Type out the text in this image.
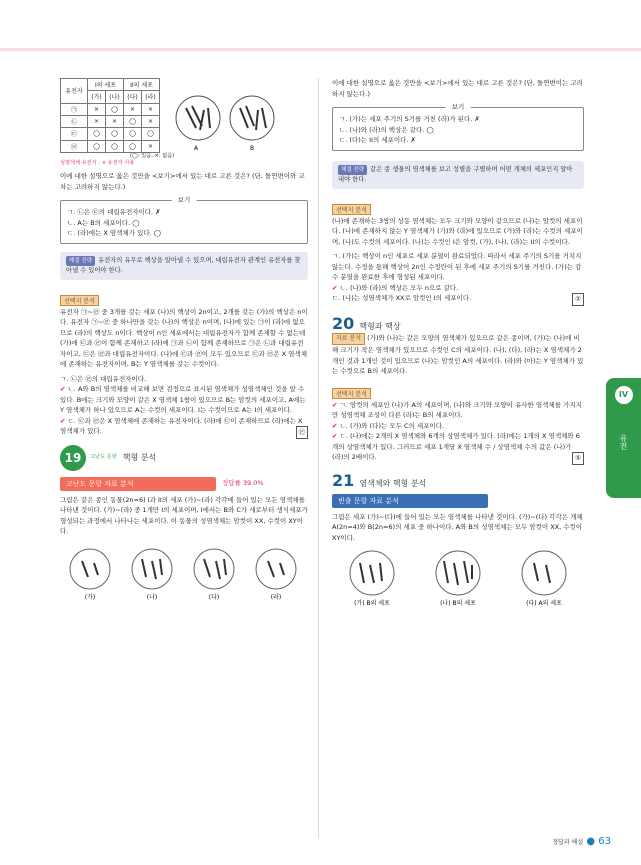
유전자	I의 세포		II의 세포	
	(가)	(나)	(다)	(라)
㉠	×	◯	×	×
㉡	×	×	◯	×
㉢	◯	◯	◯	◯
㉣	◯	◯	◯	×	A	B
(◯: 있음, ×: 없음)
성염색체 유전자 · × 유전자 사용
이에 대한 설명으로 옳은 것만을 <보기>에서 있는 대로 고른 것은? (단, 돌연변이와 교차는 고려하지 않는다.)
보기
ㄱ. ㉡은 ㉢의 대립유전자이다. ✗
ㄴ. A는 B의 세포이다. ◯
ㄷ. (라)에는 X 염색체가 있다. ◯
해결 전략 유전자의 유무로 핵상을 알아낼 수 있으며, 대립유전자 관계인 유전자를 찾아낼 수 있어야 한다.
선택지 분석
유전자 ㉠~㉣ 중 3개를 갖는 세포 (나)의 핵상이 2n이고, 2개를 갖는 (가)의 핵상은 n이다. 유전자 ㉠~㉣ 중 하나만을 갖는 (나)의 핵상은 n이며, (나)에 있는 ㉠이 (라)에 없으므로 (라)의 핵상도 n이다. 핵상이 n인 세포에서는 대립유전자가 함께 존재할 수 없는데 (가)에 ㉢과 ㉣이 함께 존재하고 (라)에 ㉠과 ㉡이 함께 존재하므로 ㉠은 ㉡과 대립유전자이고, ㉢은 ㉣과 대립유전자이다. (나)에 ㉢과 ㉣이 모두 있으므로 ㉢과 ㉣은 X 염색체에 존재하는 유전자이며, B는 Y 염색체를 갖는 수컷이다.
ㄱ. ㉡은 ㉣의 대립유전자이다.
✔ ㄴ. A와 B의 염색체를 비교해 보면 검정으로 표시된 염색체가 성염색체인 것을 알 수 있다. B에는 크기와 모양이 같은 X 염색체 1쌍이 있으므로 B는 암컷의 세포이고, A에는 Y 염색체가 하나 있으므로 A는 수컷의 세포이다. I는 수컷이므로 A는 I의 세포이다.
✔ ㄷ. ㉢과 ㉣은 X 염색체에 존재하는 유전자이다. (라)에 ㉢이 존재하므로 (라)에는 X 염색체가 있다.	㉣
19	고난도 문항 핵형 분석
고난도 문항 자료 분석	정답률 39.0%
그림은 같은 종인 동물(2n=6) I과 II의 세포 (가)~(라) 각각에 들어 있는 모든 염색체를 나타낸 것이다. (가)~(라) 중 1개만 I의 세포이며, I에서는 B와 C가 새로부터 생식세포가 형성되는 과정에서 나타나는 세포이다. 이 동물의 성염색체는 암컷이 XX, 수컷이 XY이다.
(가)	(나)	(다)	(라)
이에 대한 설명으로 옳은 것만을 <보기>에서 있는 대로 고른 것은? (단, 돌연변이는 고려하지 않는다.)
보기
ㄱ. (가)는 세포 주기의 S기를 거친 (라)가 된다. ✗
ㄴ. (나)와 (라)의 핵상은 같다. ◯
ㄷ. (다)는 II의 세포이다. ✗
해결 전략 같은 종 생물의 염색체를 보고 성별을 구별하며 어떤 개체의 세포인지 알아내야 한다.
선택지 분석
(나)에 존재하는 3쌍의 상동 염색체는 모두 크기와 모양이 같으므로 (나)는 암컷의 세포이다. (나)에 존재하지 않는 Y 염색체가 (가)와 (라)에 있으므로 (가)와 (라)는 수컷의 세포이며, (나)도 수컷의 세포이다. (나)는 수컷인 I은 암컷, (가), (나), (라)는 II의 수컷이다.
ㄱ. (가)는 핵상이 n인 세포로 세포 분열이 완료되었다. 따라서 세포 주기의 S기를 거치지 않는다. 수정을 통해 핵상이 2n인 수정란이 된 후에 세포 주기의 S기를 거친다. (가)는 감수 분열을 완료한 후에 형성된 세포이다.
✔ ㄴ. (나)와 (라)의 핵상은 모두 n으로 같다.
ㄷ. (나)는 성염색체가 XX로 암컷인 I의 세포이다.	②
20 핵형과 핵상
자료 분석 (가)와 (나)는 같은 모양의 염색체가 있으므로 같은 종이며, (가)는 (나)에 비해 크기가 작은 염색체가 있으므로 수컷인 C의 세포이다. (나), (다), (라)는 X 염색체가 2개인 것과 1개인 것이 있으므로 (나)는 암컷인 A의 세포이다. (라)와 (마)는 Y 염색체가 있는 수컷으로 B의 세포이다.
선택지 분석
✔ ㄱ. 암컷의 세포인 (나)가 A의 세포이며, (나)와 크기와 모양이 유사한 염색체를 가지지만 성염색체 조성이 다른 (라)는 B의 세포이다.
✔ ㄴ. (가)와 (다)는 모두 C의 세포이다.
✔ ㄷ. (나)에는 2개의 X 염색체와 6개의 상염색체가 있다. (라)에는 1개의 X 염색체와 6개의 상염색체가 있다. 그러므로 세포 1개당 X 염색체 수 / 상염색체 수의 값은 (나)가 (라)의 2배이다.	⑤
21 염색체와 핵형 분석
빈출 문항 자료 분석
그림은 세포 (가)~(다)에 들어 있는 모든 염색체를 나타낸 것이다. (가)~(다) 각각은 개체 A(2n=4)와 B(2n=6)의 세포 중 하나이다. A와 B의 성염색체는 모두 암컷이 XX, 수컷이 XY이다.
(가) B의 세포	(나) B의 세포	(다) A의 세포
IV
유전
정답과 해설 ● 63
